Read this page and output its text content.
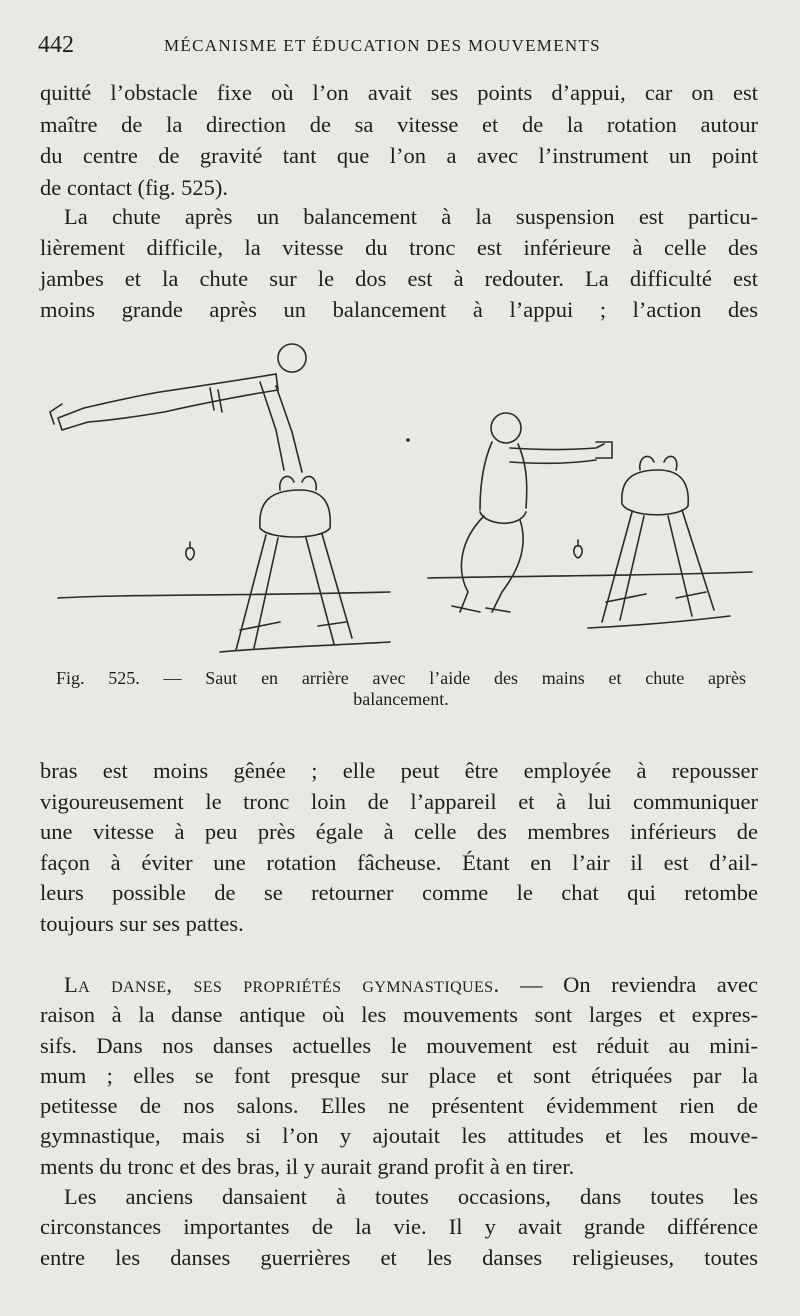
442	MÉCANISME ET ÉDUCATION DES MOUVEMENTS
quitté l’obstacle fixe où l’on avait ses points d’appui, car on est
maître de la direction de sa vitesse et de la rotation autour
du centre de gravité tant que l’on a avec l’instrument un point
de contact (fig. 525).
La chute après un balancement à la suspension est particu-
lièrement difficile, la vitesse du tronc est inférieure à celle des
jambes et la chute sur le dos est à redouter. La difficulté est
moins grande après un balancement à l’appui ; l’action des
Fig. 525. — Saut en arrière avec l’aide des mains et chute après
balancement.
bras est moins gênée ; elle peut être employée à repousser
vigoureusement le tronc loin de l’appareil et à lui communiquer
une vitesse à peu près égale à celle des membres inférieurs de
façon à éviter une rotation fâcheuse. Étant en l’air il est d’ail-
leurs possible de se retourner comme le chat qui retombe
toujours sur ses pattes.
La danse, ses propriétés gymnastiques. — On reviendra avec
raison à la danse antique où les mouvements sont larges et expres-
sifs. Dans nos danses actuelles le mouvement est réduit au mini-
mum ; elles se font presque sur place et sont étriquées par la
petitesse de nos salons. Elles ne présentent évidemment rien de
gymnastique, mais si l’on y ajoutait les attitudes et les mouve-
ments du tronc et des bras, il y aurait grand profit à en tirer.
Les anciens dansaient à toutes occasions, dans toutes les
circonstances importantes de la vie. Il y avait grande différence
entre les danses guerrières et les danses religieuses, toutes
